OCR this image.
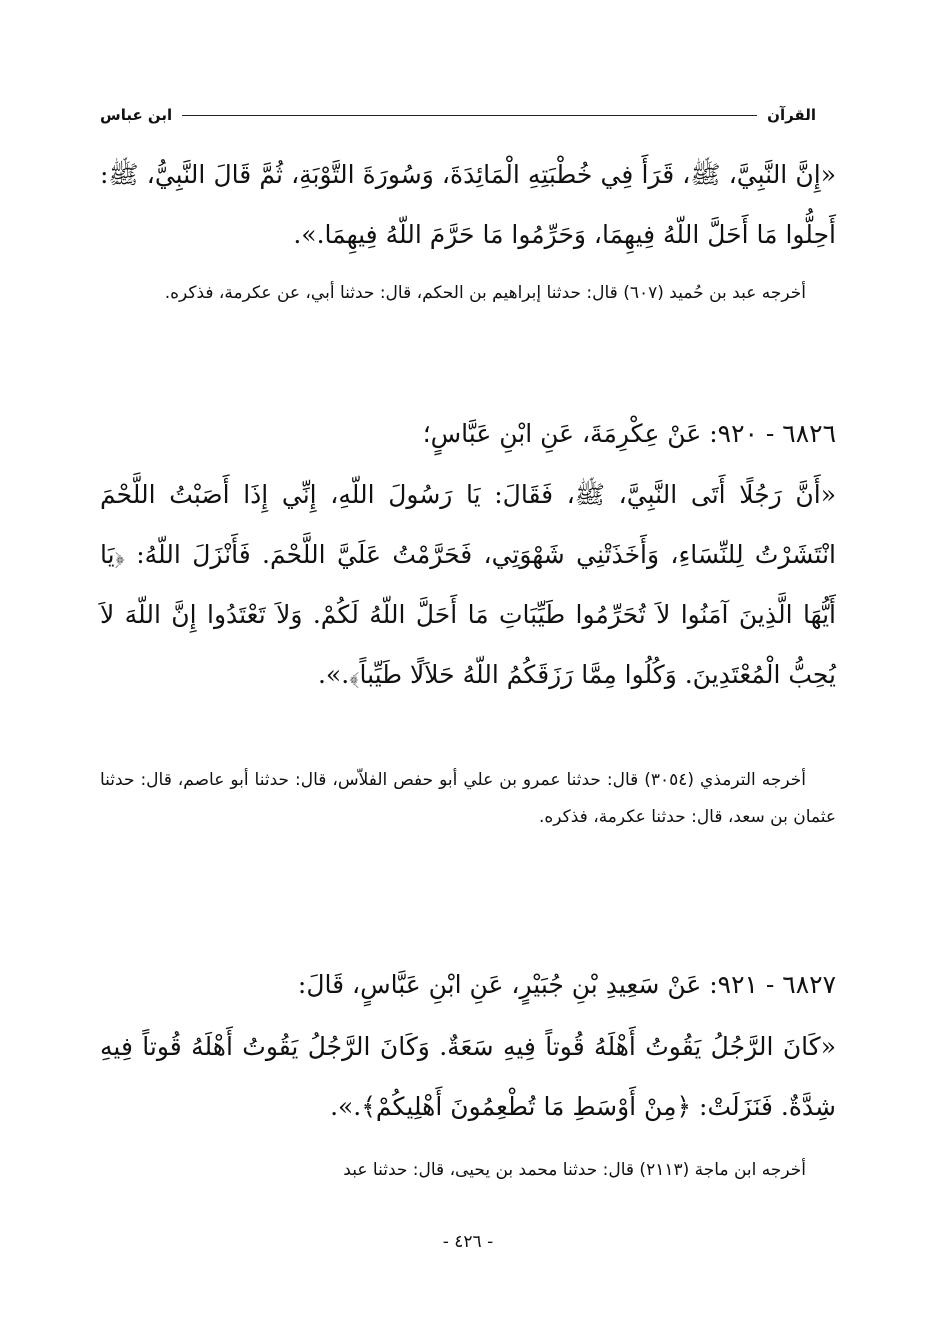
القرآن
ابن عباس
«إِنَّ النَّبِيَّ، ﷺ، قَرَأَ فِي خُطْبَتِهِ الْمَائِدَةَ، وَسُورَةَ التَّوْبَةِ، ثُمَّ قَالَ النَّبِيُّ، ﷺ: أَحِلُّوا مَا أَحَلَّ اللّهُ فِيهِمَا، وَحَرِّمُوا مَا حَرَّمَ اللّهُ فِيهِمَا.».
أخرجه عبد بن حُميد (٦٠٧) قال: حدثنا إبراهيم بن الحكم، قال: حدثنا أبي، عن عكرمة، فذكره.
٦٨٢٦ - ٩٢٠: عَنْ عِكْرِمَةَ، عَنِ ابْنِ عَبَّاسٍ؛
«أَنَّ رَجُلًا أَتَى النَّبِيَّ، ﷺ، فَقَالَ: يَا رَسُولَ اللّهِ، إِنِّي إِذَا أَصَبْتُ اللَّحْمَ انْتَشَرْتُ لِلنِّسَاءِ، وَأَخَذَتْنِي شَهْوَتِي، فَحَرَّمْتُ عَلَيَّ اللَّحْمَ. فَأَنْزَلَ اللّهُ: ﴿يَا أَيُّهَا الَّذِينَ آمَنُوا لاَ تُحَرِّمُوا طَيِّبَاتِ مَا أَحَلَّ اللّهُ لَكُمْ. وَلاَ تَعْتَدُوا إِنَّ اللّهَ لاَ يُحِبُّ الْمُعْتَدِينَ. وَكُلُوا مِمَّا رَزَقَكُمُ اللّهُ حَلاَلًا طَيِّباً﴾.».
أخرجه الترمذي (٣٠٥٤) قال: حدثنا عمرو بن علي أبو حفص الفلاّس، قال: حدثنا أبو عاصم، قال: حدثنا عثمان بن سعد، قال: حدثنا عكرمة، فذكره.
٦٨٢٧ - ٩٢١: عَنْ سَعِيدِ بْنِ جُبَيْرٍ، عَنِ ابْنِ عَبَّاسٍ، قَالَ:
«كَانَ الرَّجُلُ يَقُوتُ أَهْلَهُ قُوتاً فِيهِ سَعَةٌ. وَكَانَ الرَّجُلُ يَقُوتُ أَهْلَهُ قُوتاً فِيهِ شِدَّةٌ. فَنَزَلَتْ: ﴿مِنْ أَوْسَطِ مَا تُطْعِمُونَ أَهْلِيكُمْ﴾.».
أخرجه ابن ماجة (٢١١٣) قال: حدثنا محمد بن يحيى، قال: حدثنا عبد
- ٤٢٦ -
